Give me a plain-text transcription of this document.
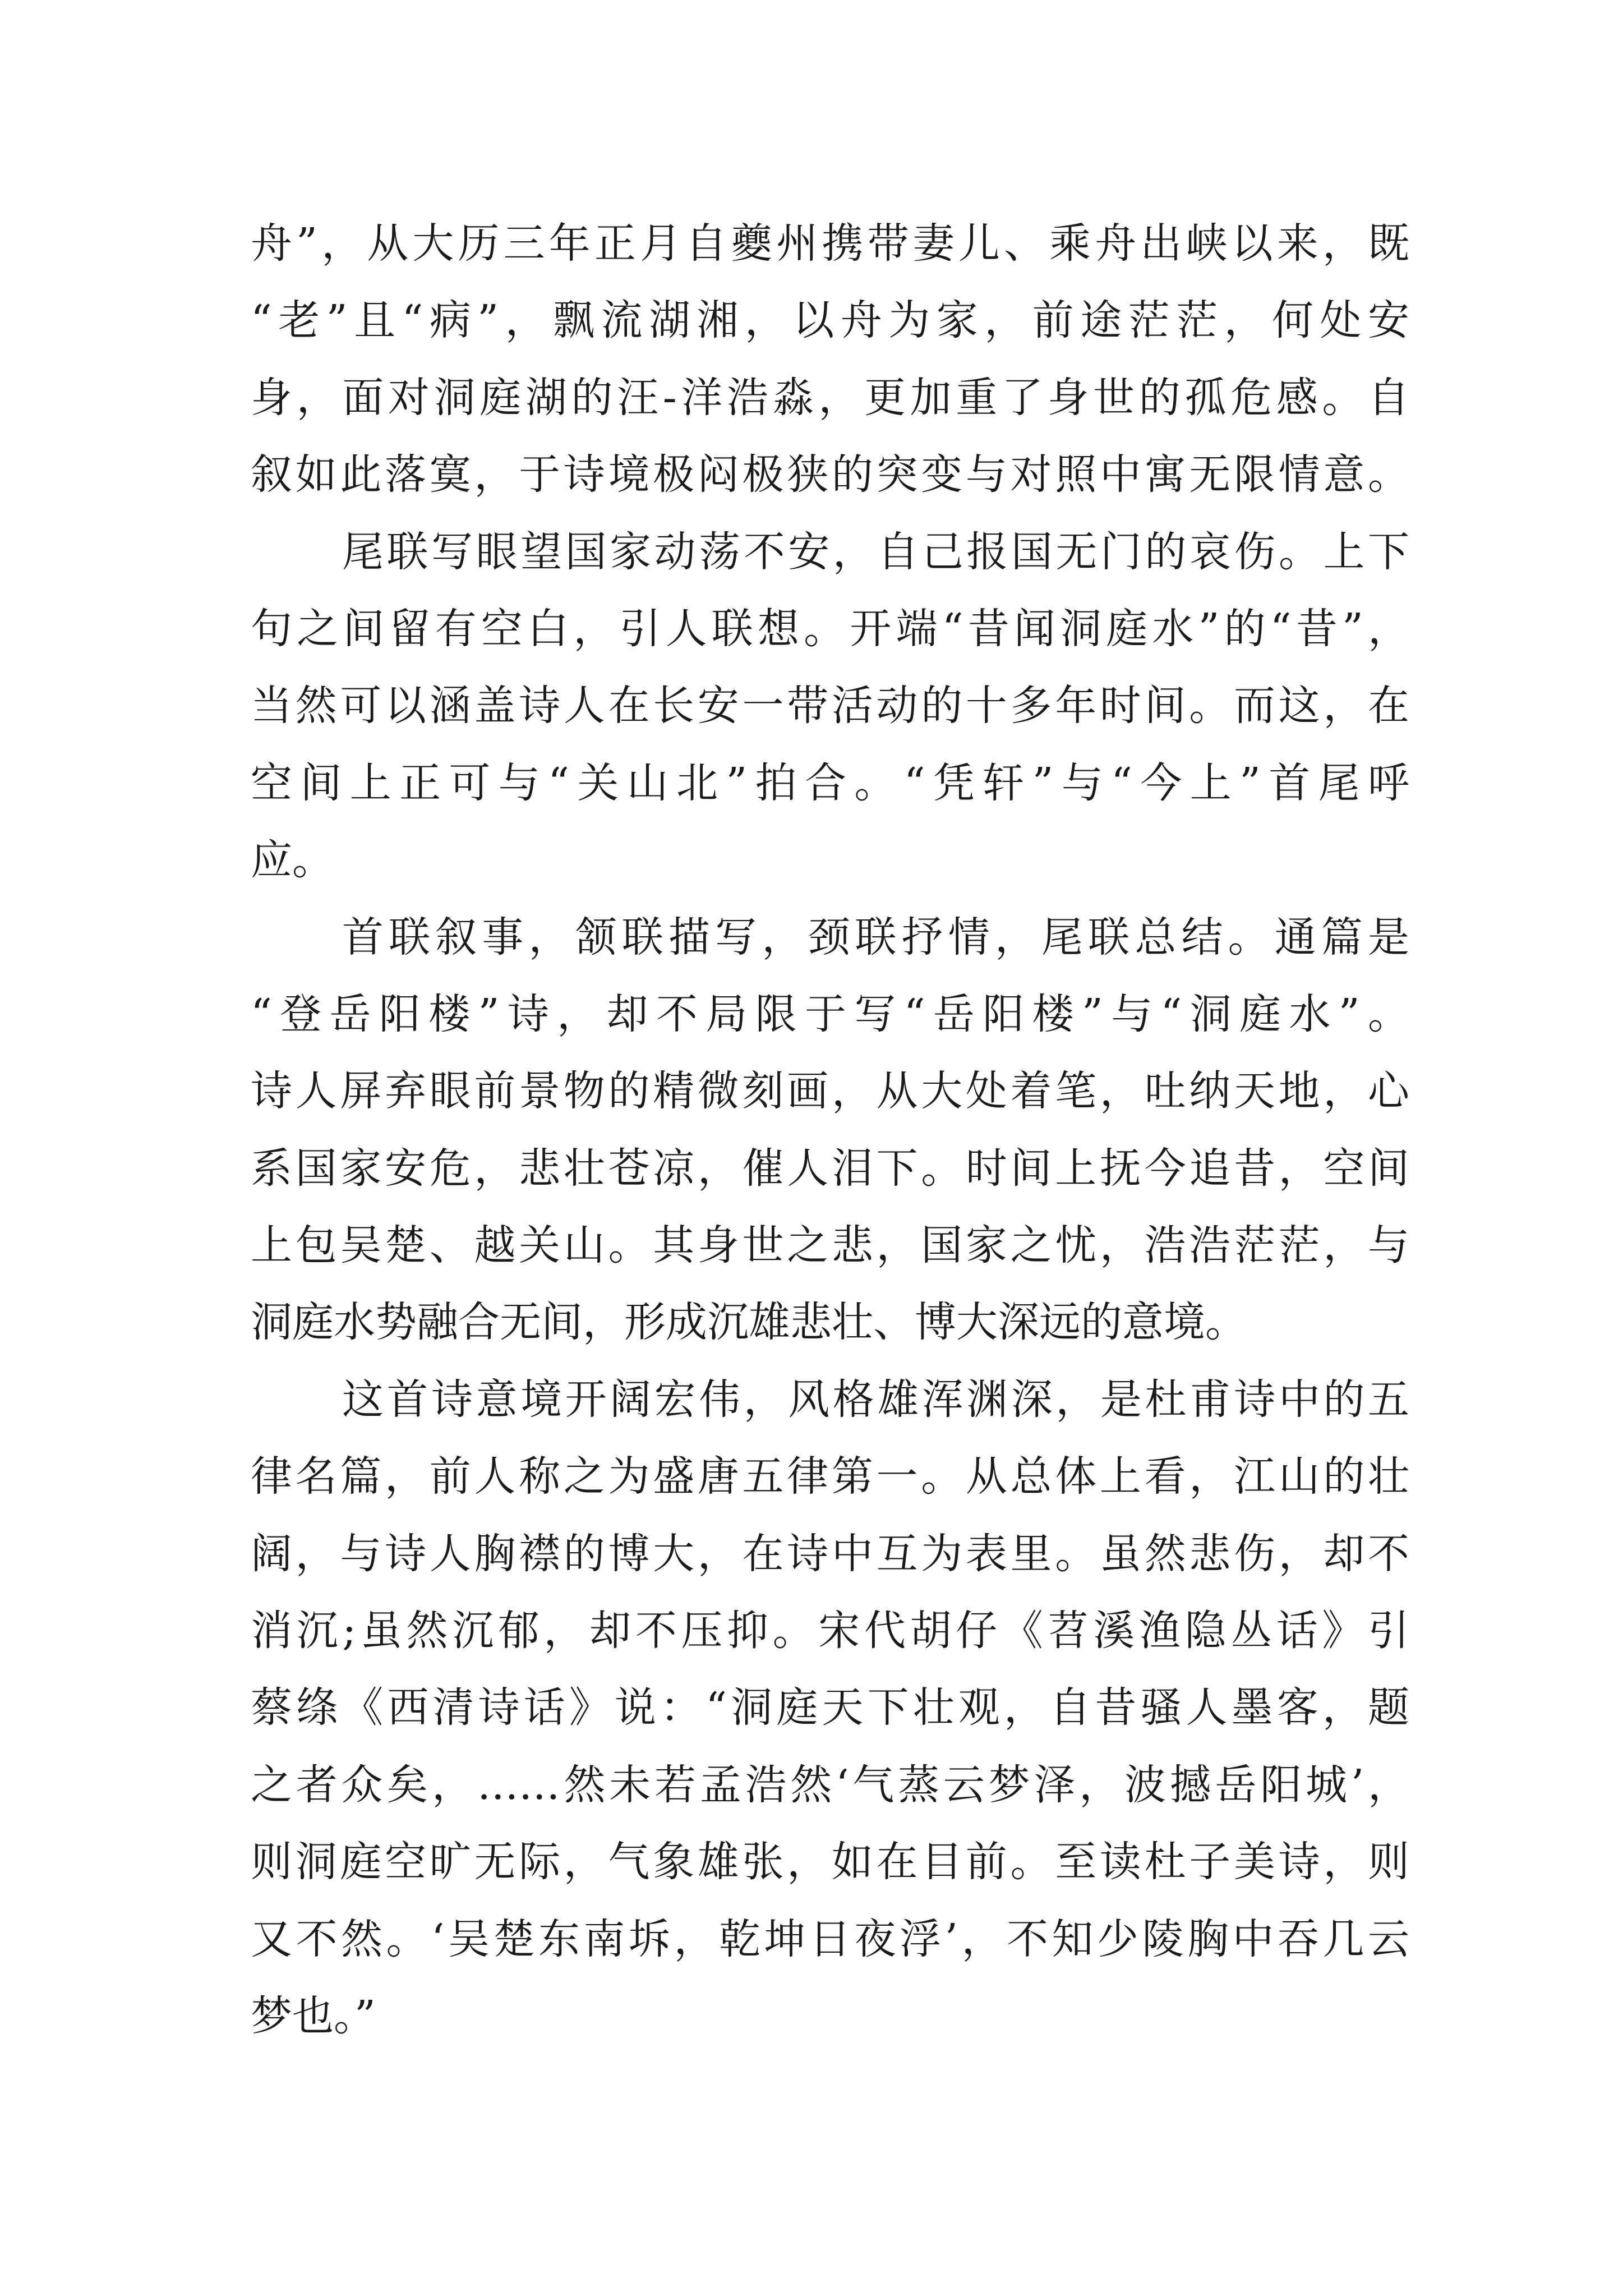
舟”，从大历三年正月自夔州携带妻儿、乘舟出峡以来，既
“老”且“病”，飘流湖湘，以舟为家，前途茫茫，何处安
身，面对洞庭湖的汪-洋浩淼，更加重了身世的孤危感。自
叙如此落寞，于诗境极闷极狭的突变与对照中寓无限情意。
尾联写眼望国家动荡不安，自己报国无门的哀伤。上下
句之间留有空白，引人联想。开端“昔闻洞庭水”的“昔”，
当然可以涵盖诗人在长安一带活动的十多年时间。而这，在
空间上正可与“关山北”拍合。“凭轩”与“今上”首尾呼
应。
首联叙事，颔联描写，颈联抒情，尾联总结。通篇是
“登岳阳楼”诗，却不局限于写“岳阳楼”与“洞庭水”。
诗人屏弃眼前景物的精微刻画，从大处着笔，吐纳天地，心
系国家安危，悲壮苍凉，催人泪下。时间上抚今追昔，空间
上包吴楚、越关山。其身世之悲，国家之忧，浩浩茫茫，与
洞庭水势融合无间，形成沉雄悲壮、博大深远的意境。
这首诗意境开阔宏伟，风格雄浑渊深，是杜甫诗中的五
律名篇，前人称之为盛唐五律第一。从总体上看，江山的壮
阔，与诗人胸襟的博大，在诗中互为表里。虽然悲伤，却不
消沉;虽然沉郁，却不压抑。宋代胡仔《苕溪渔隐丛话》引
蔡绦《西清诗话》说：“洞庭天下壮观，自昔骚人墨客，题
之者众矣，……然未若孟浩然‘气蒸云梦泽，波撼岳阳城’，
则洞庭空旷无际，气象雄张，如在目前。至读杜子美诗，则
又不然。‘吴楚东南坼，乾坤日夜浮’，不知少陵胸中吞几云
梦也。”
